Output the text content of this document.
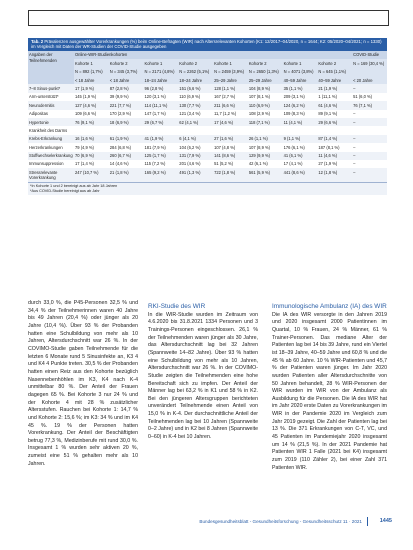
Tab. 2 Prävalenzen ausgewählter Vorerkrankungen (%) beim Online-Befragten (WIR) nach Altersrelevanten Kohorten (K1: 12/2017–04/2020, n = 1644; K2: 05/2020–04/2021; n = 1330) im Vergleich mit Daten der WR-Studien der COVID-Studie ausgegeben
Angaben der Teilnehmenden	Online-WIR-Studienkohorten								COVID-Studie
	Kohorte 1	Kohorte 2	Kohorte 1	Kohorte 2	Kohorte 1	Kohorte 2	Kohorte 1	Kohorte 2	N = 169 (30,4 %)
	N = 892 (1,7%)	N = 345 (3,7%)	N = 2171 (4,8%)	N = 2262 (5,1%)	N = 2459 (3,9%)	N = 2650 (1,3%)	N = 4071 (3,8%)	N = 645 (1,1%)	
	< 18 Jahre	< 18 Jahre	18–24 Jahre	18–24 Jahre	25–29 Jahre	25–29 Jahre	40–59 Jahre	40–59 Jahre	< 20 Jahre
7–8 Sinus-punkt*	17 (1,9 %)	87 (2,8 %)	96 (2,8 %)	151 (6,6 %)	128 (1,1 %)	104 (8,9 %)	35 (1,1 %)	21 (1,9 %)	–
Arm-unterstützt*	145 (1,9 %)	39 (9,9 %)	120 (3,1 %)	110 (6,9 %)	167 (2,7 %)	107 (8,1 %)	209 (3,1 %)	1 (11,1 %)	51 (6,0 %)
Neurodermitis	127 (4,6 %)	221 (7,7 %)	114 (11,1 %)	130 (7,7 %)	211 (6,6 %)	110 (6,9 %)	124 (6,2 %)	61 (4,6 %)	76 (7,1 %)
Adipositas	109 (6,6 %)	170 (2,9 %)	147 (1,7 %)	121 (3,4 %)	11,7 (1,2 %)	108 (2,9 %)	109 (8,3 %)	89 (9,1 %)	–
Hypertonie	76 (9,1 %)	18 (6,9 %)	29 (6,7 %)	62 (4,1 %)	17 (4,6 %)	118 (7,1 %)	11 (4,1 %)	29 (6,6 %)	–
Krankheit des Darms									
Krebs-Erkrankung	16 (1,6 %)	61 (1,9 %)	41 (1,9 %)	6 (4,1 %)	27 (1,6 %)	26 (1,1 %)	9 (1,1 %)	87 (1,4 %)	–
Herzerkrankungen	79 (4,9 %)	284 (6,8 %)	181 (7,9 %)	104 (6,2 %)	107 (4,8 %)	107 (8,9 %)	176 (6,1 %)	187 (8,1 %)	–
Stoffwechselerkrankung	70 (6,9 %)	260 (6,7 %)	125 (1,7 %)	131 (7,9 %)	141 (8,6 %)	129 (9,9 %)	41 (6,1 %)	11 (4,6 %)	–
Immunsuppression	17 (1,4 %)	14 (4,6 %)	115 (7,2 %)	201 (4,6 %)	51 (5,2 %)	42 (6,1 %)	17 (4,1 %)	27 (1,9 %)	–
Stressrelevante Vorerkrankung	247 (10,7 %)	21 (1,8 %)	165 (9,2 %)	491 (1,3 %)	722 (1,8 %)	561 (5,9 %)	441 (8,6 %)	12 (1,8 %)	–
*In Kohorte 1 und 2 bereinigt aus ab Jahr 18 Jahren
*Aus COVID-Studie bereinigt aus ab Jahr

durch 33,0 %, die P45-Personen 32,5 % und 34,4 % der Teilnehmerinnen waren 40 Jahre bis 49 Jahren (20,4 %) oder jünger als 20 Jahre (10,4 %). Über 93 % der Probanden hatten eine Schulbildung von mehr als 10 Jahren, Altersdurchschnitt war 26 %. In der COVIMO-Studie gaben Teilnehmende für die letzten 6 Monate rund 5 Sinusinfekte an, K3 4 und K4 4 Punkte treten. 30,5 % der Probanden hatten einen Reiz aus den Kohorte bezüglich Nasennebenhöhlen im K3, K4 nach K-4 unmittelbar 80 %. Der Anteil der Frauen dagegen 65 %. Bei Kohorte 3 nur 24 % und der Kohorte 4 mit 28 % zusätzlicher Altersstufen. Rauchen bei Kohorte 1: 14,7 % und Kohorte 2: 15,6 %; im K3: 34 % und im K4 45 %. 19 % der Personen hatten Vorerkrankung. Der Anteil der Beschäftigten betrug 77,3 %, Medizinberufe mit rund 30,0 %. Insgesamt 1 % wurden sehr aktiven 20 %, zumeist eine 51 % gehalten mehr als 10 Jahren.

RKI-Studie des WIR

In die WIR-Studie wurden im Zeitraum von 4.6.2020 bis 31.8.2021 1334 Personen und 3 Trainings-Personen eingeschlossen. 26,1 % der Teilnehmenden waren jünger als 30 Jahre, das Altersdurchschnitt lag bei 32 Jahren (Spannweite 14–82 Jahre). Über 93 % hatten eine Schulbildung von mehr als 10 Jahren, Altersdurchschnitt war 26 %. In der COVIMO-Studie zeigten die Teilnehmenden eine hohe Bereitschaft sich zu impfen. Der Anteil der Männer lag bei 63,2 % in K1 und 58 % in K2. Bei den jüngeren Altersgruppen berichteten unverändert Teilnehmende einen Anteil von 15,0 % in K-4. Der durchschnittliche Anteil der Teilnehmenden lag bei 10 Jahren (Spannweite 0–2 Jahre) und in K2 bei 8 Jahren (Spannweite 0–60) in K-4 bei 10 Jahren.

Immunologische Ambulanz (IA) des WIR

Die IA des WIR versorgte in den Jahren 2019 und 2020 insgesamt 2000 Patientinnen im Quartal, 10 % Frauen, 24 % Männer, 61 % Trainer-Personen. Das mediane Alter der Patienten lag bei 14 bis 39 Jahre, rund ein Viertel ist 18–39 Jahre, 40–59 Jahre und 60,8 % und die 45 % ab 60 Jahre. 10 % WIR-Patienten und 45,7 % der Patienten waren jünger. Im Jahr 2020 wurden Patienten aller Altersdurchschnitte von 50 Jahren behandelt, 28 % WIR-Personen der WIR wurden im WIR von der Ambulanz als Ausbildung für die Personen. Die IA des WIR hat im Jahr 2020 erste Daten zu Vorerkrankungen im WIR in der Pandemie 2020 im Vergleich zum Jahr 2019 gezeigt. Die Zahl der Patienten lag bei 13 %. Die 371 Erkrankungen von C-T, VC, und 45 Patienten im Pandemiejahr 2020 insgesamt um 14 % (21,5 %). In der 2021 Pandemie hat Patienten WIR 1 Falle (2021 bei K4) insgesamt zum 2019 (110 Zähler 2), bei einer Zahl 371 Patienten WIR.

Bundesgesundheitsblatt - Gesundheitsforschung - Gesundheitsschutz 11 · 2021	1445
